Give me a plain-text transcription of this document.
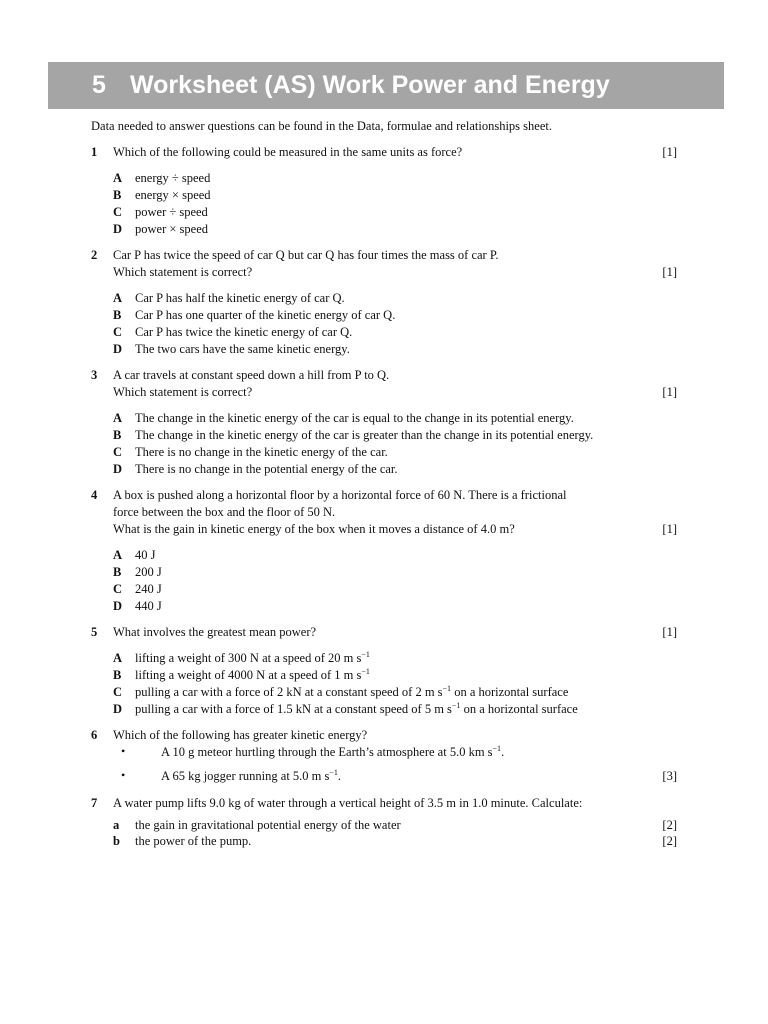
5 Worksheet (AS) Work Power and Energy
Data needed to answer questions can be found in the Data, formulae and relationships sheet.
1 Which of the following could be measured in the same units as force?	[1]
A energy ÷ speed
B energy × speed
C power ÷ speed
D power × speed
2 Car P has twice the speed of car Q but car Q has four times the mass of car P.
Which statement is correct?	[1]
A Car P has half the kinetic energy of car Q.
B Car P has one quarter of the kinetic energy of car Q.
C Car P has twice the kinetic energy of car Q.
D The two cars have the same kinetic energy.
3 A car travels at constant speed down a hill from P to Q.
Which statement is correct?	[1]
A The change in the kinetic energy of the car is equal to the change in its potential energy.
B The change in the kinetic energy of the car is greater than the change in its potential energy.
C There is no change in the kinetic energy of the car.
D There is no change in the potential energy of the car.
4 A box is pushed along a horizontal floor by a horizontal force of 60 N. There is a frictional
force between the box and the floor of 50 N.
What is the gain in kinetic energy of the box when it moves a distance of 4.0 m?	[1]
A 40 J
B 200 J
C 240 J
D 440 J
5 What involves the greatest mean power?	[1]
A lifting a weight of 300 N at a speed of 20 m $s^{-1}$
B lifting a weight of 4000 N at a speed of 1 m $s^{-1}$
C pulling a car with a force of 2 kN at a constant speed of 2 m $s^{-1}$ on a horizontal surface
D pulling a car with a force of 1.5 kN at a constant speed of 5 m $s^{-1}$ on a horizontal surface
6 Which of the following has greater kinetic energy?
•	A 10 g meteor hurtling through the Earth’s atmosphere at 5.0 km $s^{-1}$.
•	A 65 kg jogger running at 5.0 m $s^{-1}$.	[3]
7 A water pump lifts 9.0 kg of water through a vertical height of 3.5 m in 1.0 minute. Calculate:
a the gain in gravitational potential energy of the water	[2]
b the power of the pump.	[2]
